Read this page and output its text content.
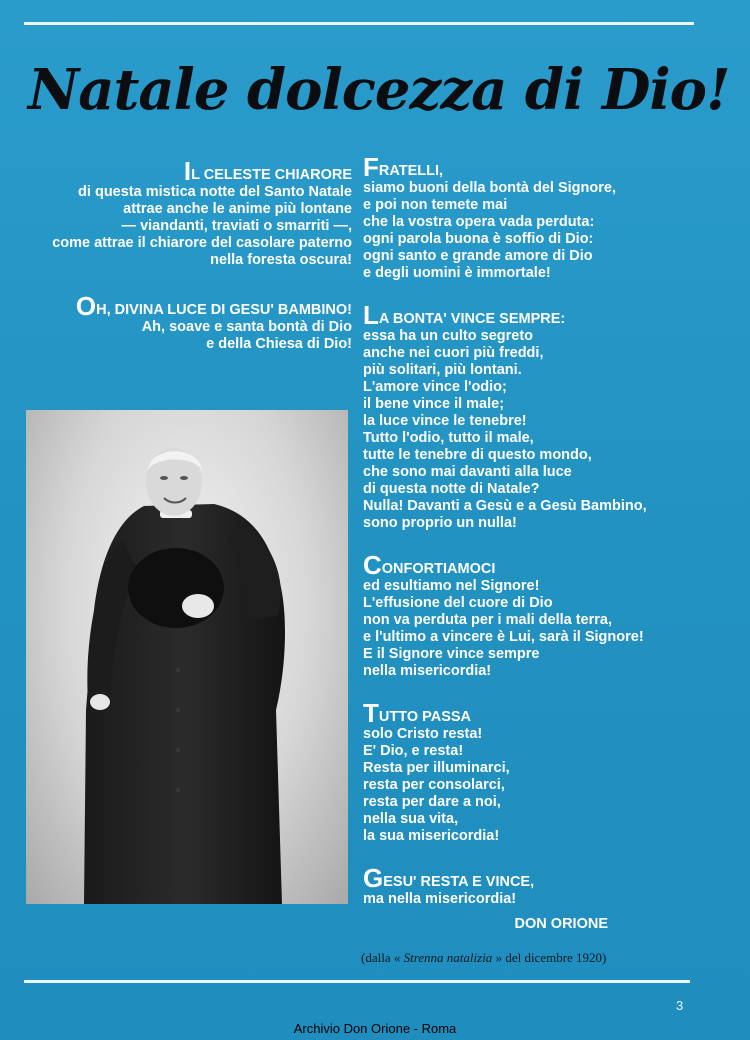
Natale dolcezza di Dio!
IL CELESTE CHIARORE
di questa mistica notte del Santo Natale
attrae anche le anime più lontane
— viandanti, traviati o smarriti —,
come attrae il chiarore del casolare paterno
nella foresta oscura!
OH, DIVINA LUCE DI GESU' BAMBINO!
Ah, soave e santa bontà di Dio
e della Chiesa di Dio!
FRATELLI,
siamo buoni della bontà del Signore,
e poi non temete mai
che la vostra opera vada perduta:
ogni parola buona è soffio di Dio:
ogni santo e grande amore di Dio
e degli uomini è immortale!
LA BONTA' VINCE SEMPRE:
essa ha un culto segreto
anche nei cuori più freddi,
più solitari, più lontani.
L'amore vince l'odio;
il bene vince il male;
la luce vince le tenebre!
Tutto l'odio, tutto il male,
tutte le tenebre di questo mondo,
che sono mai davanti alla luce
di questa notte di Natale?
Nulla! Davanti a Gesù e a Gesù Bambino,
sono proprio un nulla!
CONFORTIAMOCI
ed esultiamo nel Signore!
L'effusione del cuore di Dio
non va perduta per i mali della terra,
e l'ultimo a vincere è Lui, sarà il Signore!
E il Signore vince sempre
nella misericordia!
TUTTO PASSA
solo Cristo resta!
E' Dio, e resta!
Resta per illuminarci,
resta per consolarci,
resta per dare a noi,
nella sua vita,
la sua misericordia!
GESU' RESTA E VINCE,
ma nella misericordia!
DON ORIONE
(dalla « Strenna natalizia » del dicembre 1920)
3
Archivio Don Orione - Roma
